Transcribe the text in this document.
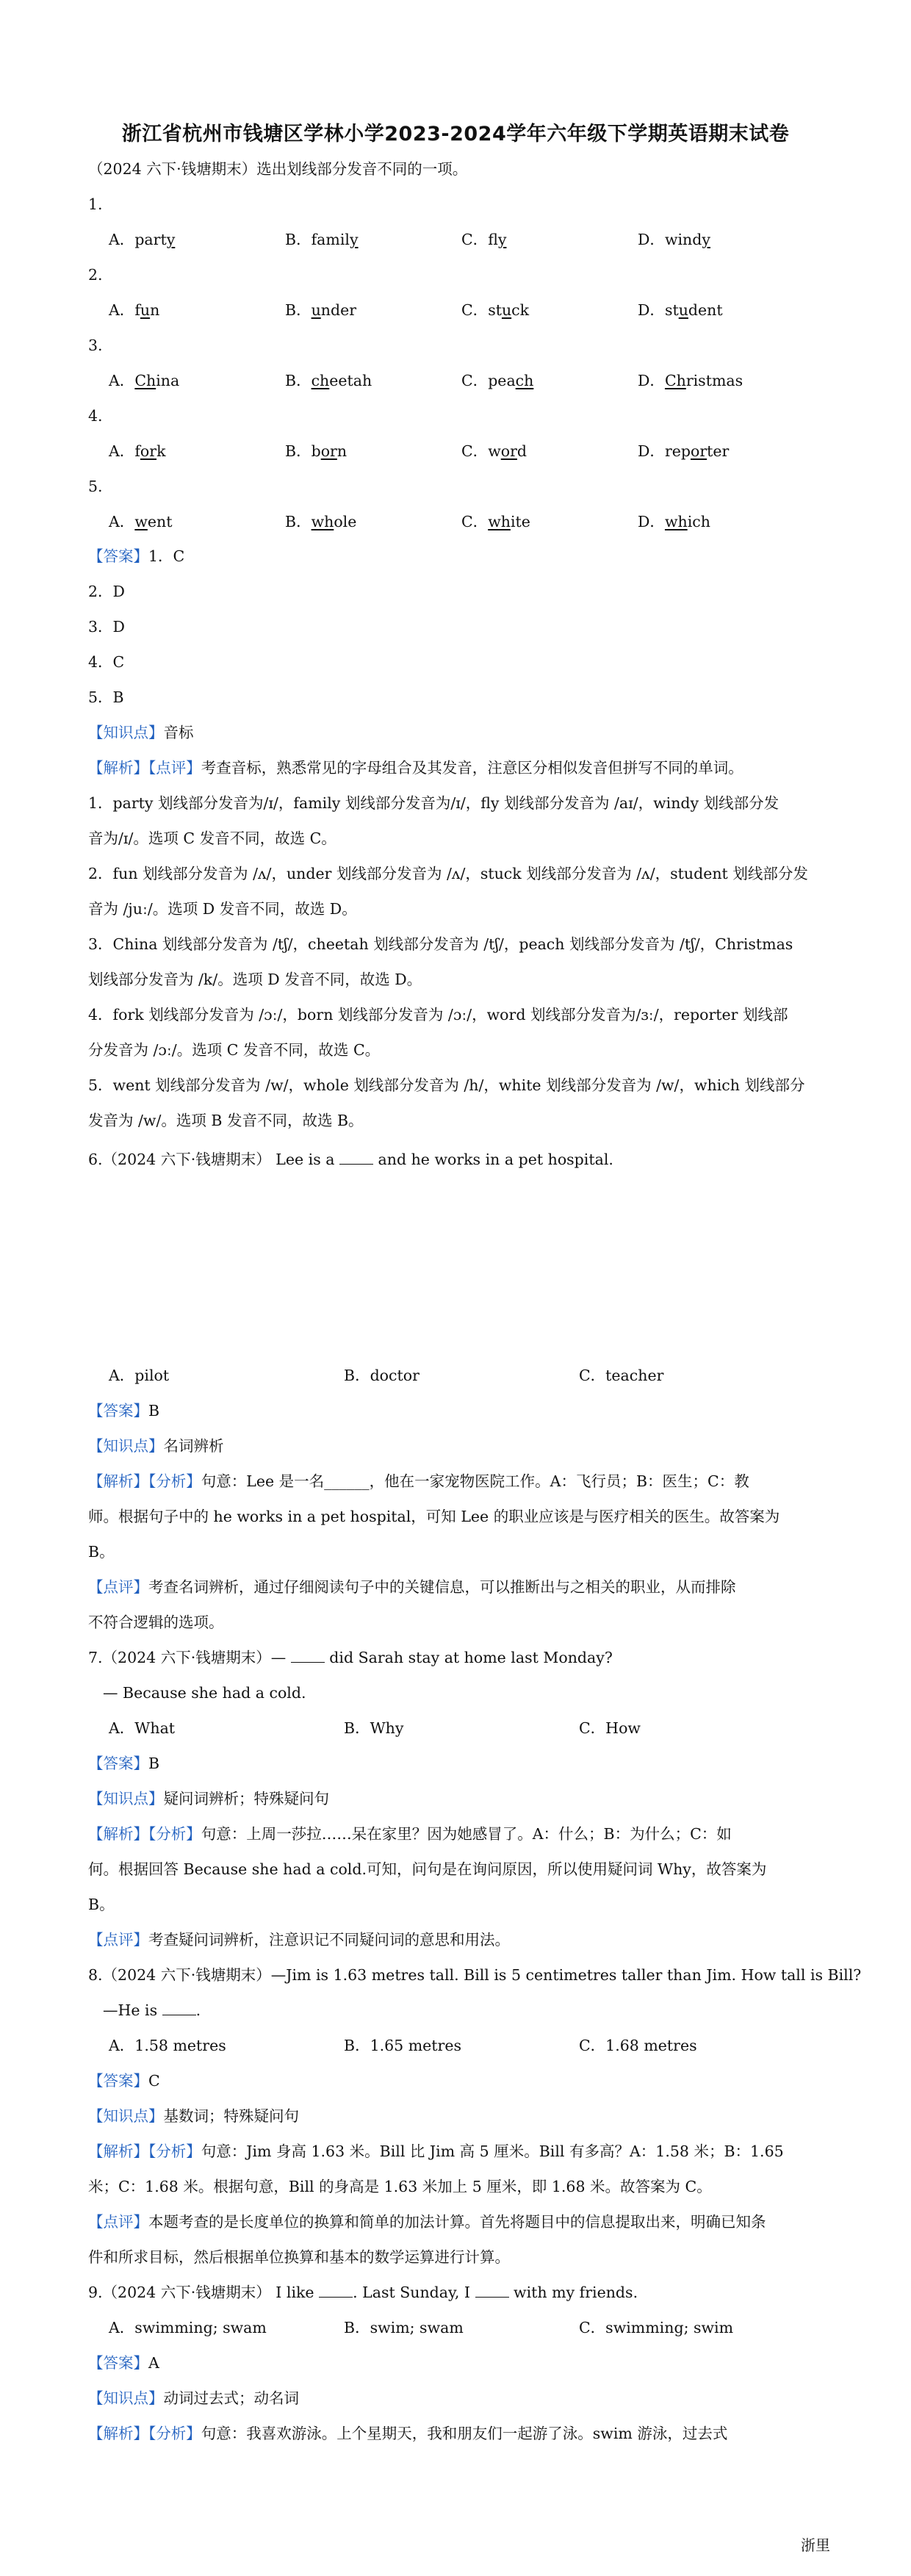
浙江省杭州市钱塘区学林小学2023-2024学年六年级下学期英语期末试卷
（2024 六下·钱塘期末）选出划线部分发音不同的一项。
1.
A．party	B．family	C．fly	D．windy
2.
A．fun	B．under	C．stuck	D．student
3.
A．China	B．cheetah	C．peach	D．Christmas
4.
A．fork	B．born	C．word	D．reporter
5.
A．went	B．whole	C．white	D．which
【答案】1．C
2．D
3．D
4．C
5．B
【知识点】音标
【解析】【点评】考查音标，熟悉常见的字母组合及其发音，注意区分相似发音但拼写不同的单词。
1．party 划线部分发音为/ɪ/，family 划线部分发音为/ɪ/，fly 划线部分发音为 /aɪ/，windy 划线部分发
音为/ɪ/。选项 C 发音不同，故选 C。
2．fun 划线部分发音为 /ʌ/，under 划线部分发音为 /ʌ/，stuck 划线部分发音为 /ʌ/，student 划线部分发
音为 /juː/。选项 D 发音不同，故选 D。
3．China 划线部分发音为 /tʃ/，cheetah 划线部分发音为 /tʃ/，peach 划线部分发音为 /tʃ/，Christmas
划线部分发音为 /k/。选项 D 发音不同，故选 D。
4．fork 划线部分发音为 /ɔː/，born 划线部分发音为 /ɔː/，word 划线部分发音为/ɜː/，reporter 划线部
分发音为 /ɔː/。选项 C 发音不同，故选 C。
5．went 划线部分发音为 /w/，whole 划线部分发音为 /h/，white 划线部分发音为 /w/，which 划线部分
发音为 /w/。选项 B 发音不同，故选 B。
6.（2024 六下·钱塘期末） Lee is a  and he works in a pet hospital.
A．pilot	B．doctor	C．teacher
【答案】B
【知识点】名词辨析
【解析】【分析】句意：Lee 是一名______，他在一家宠物医院工作。A：飞行员；B：医生；C：教
师。根据句子中的 he works in a pet hospital，可知 Lee 的职业应该是与医疗相关的医生。故答案为
B。
【点评】考查名词辨析，通过仔细阅读句子中的关键信息，可以推断出与之相关的职业，从而排除
不符合逻辑的选项。
7.（2024 六下·钱塘期末）—  did Sarah stay at home last Monday?
— Because she had a cold.
A．What	B．Why	C．How
【答案】B
【知识点】疑问词辨析；特殊疑问句
【解析】【分析】句意：上周一莎拉……呆在家里？因为她感冒了。A：什么；B：为什么；C：如
何。根据回答 Because she had a cold.可知，问句是在询问原因，所以使用疑问词 Why，故答案为
B。
【点评】考查疑问词辨析，注意识记不同疑问词的意思和用法。
8.（2024 六下·钱塘期末）—Jim is 1.63 metres tall. Bill is 5 centimetres taller than Jim. How tall is Bill?
—He is .
A．1.58 metres	B．1.65 metres	C．1.68 metres
【答案】C
【知识点】基数词；特殊疑问句
【解析】【分析】句意：Jim 身高 1.63 米。Bill 比 Jim 高 5 厘米。Bill 有多高？A：1.58 米；B：1.65
米；C：1.68 米。根据句意，Bill 的身高是 1.63 米加上 5 厘米，即 1.68 米。故答案为 C。
【点评】本题考查的是长度单位的换算和简单的加法计算。首先将题目中的信息提取出来，明确已知条
件和所求目标，然后根据单位换算和基本的数学运算进行计算。
9.（2024 六下·钱塘期末） I like . Last Sunday, I  with my friends.
A．swimming; swam	B．swim; swam	C．swimming; swim
【答案】A
【知识点】动词过去式；动名词
【解析】【分析】句意：我喜欢游泳。上个星期天，我和朋友们一起游了泳。swim 游泳，过去式
浙里
